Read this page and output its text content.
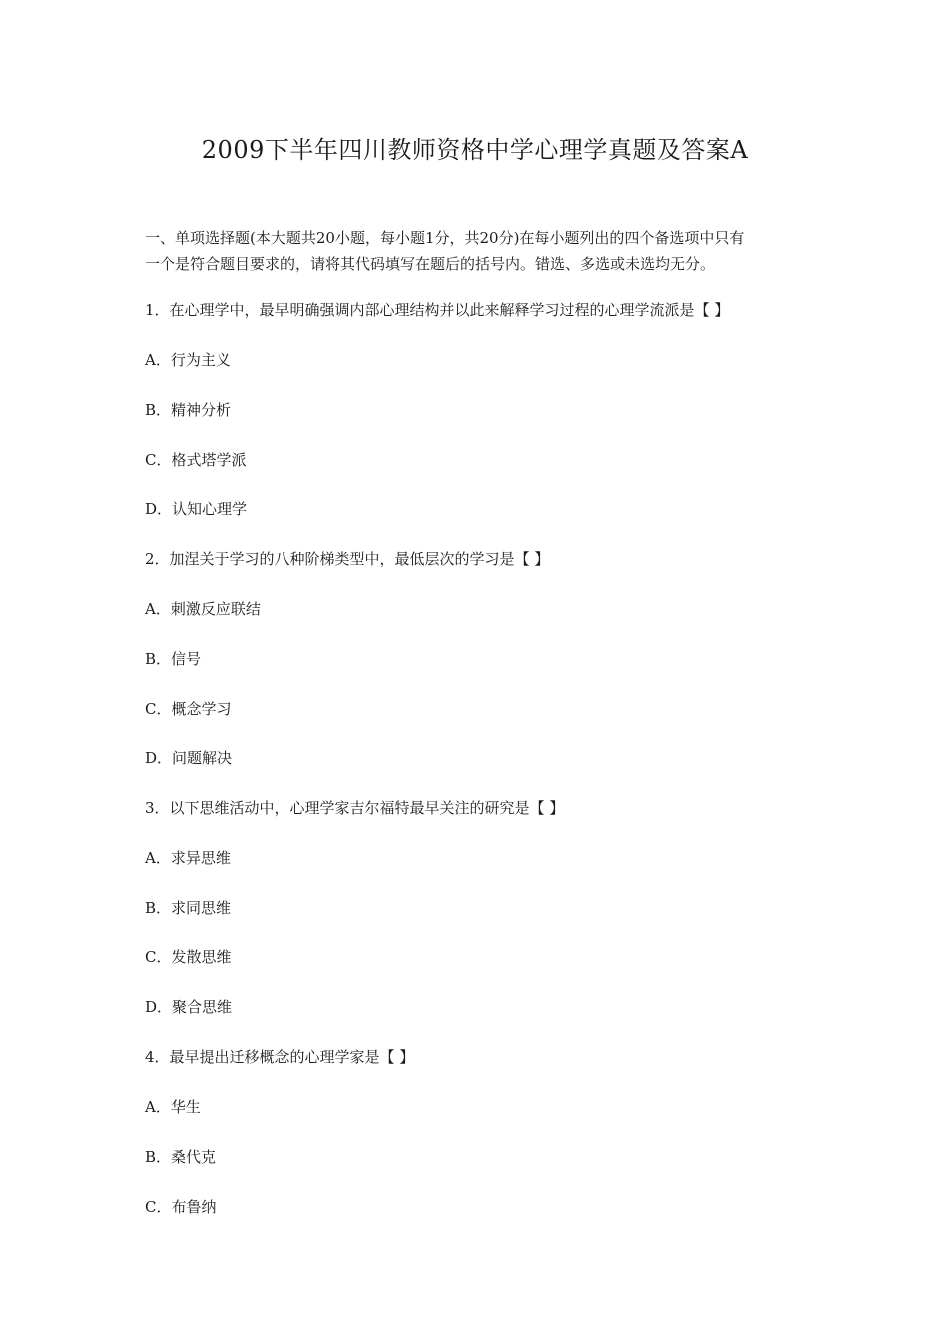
2009下半年四川教师资格中学心理学真题及答案A

一、单项选择题(本大题共20小题，每小题1分，共20分)在每小题列出的四个备选项中只有

一个是符合题目要求的，请将其代码填写在题后的括号内。错选、多选或未选均无分。

1．在心理学中，最早明确强调内部心理结构并以此来解释学习过程的心理学流派是【 】
A．行为主义
B．精神分析
C．格式塔学派
D．认知心理学
2．加涅关于学习的八种阶梯类型中，最低层次的学习是【 】
A．刺激反应联结
B．信号
C．概念学习
D．问题解决
3．以下思维活动中，心理学家吉尔福特最早关注的研究是【 】
A．求异思维
B．求同思维
C．发散思维
D．聚合思维
4．最早提出迁移概念的心理学家是【 】
A．华生
B．桑代克
C．布鲁纳
